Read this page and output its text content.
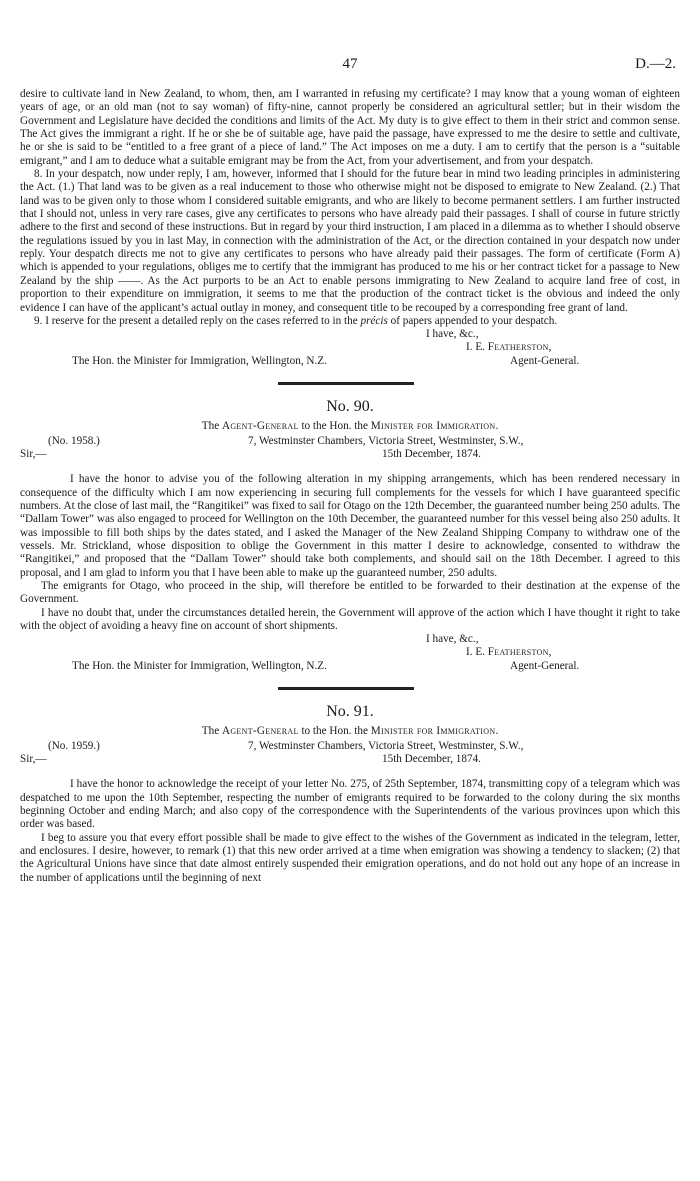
47	D.—2.

desire to cultivate land in New Zealand, to whom, then, am I warranted in refusing my certificate? I may know that a young woman of eighteen years of age, or an old man (not to say woman) of fifty-nine, cannot properly be considered an agricultural settler; but in their wisdom the Government and Legislature have decided the conditions and limits of the Act. My duty is to give effect to them in their strict and common sense. The Act gives the immigrant a right. If he or she be of suitable age, have paid the passage, have expressed to me the desire to settle and cultivate, he or she is said to be “entitled to a free grant of a piece of land.” The Act imposes on me a duty. I am to certify that the person is a “suitable emigrant,” and I am to deduce what a suitable emigrant may be from the Act, from your advertisement, and from your despatch.

8. In your despatch, now under reply, I am, however, informed that I should for the future bear in mind two leading principles in administering the Act. (1.) That land was to be given as a real inducement to those who otherwise might not be disposed to emigrate to New Zealand. (2.) That land was to be given only to those whom I considered suitable emigrants, and who are likely to become permanent settlers. I am further instructed that I should not, unless in very rare cases, give any certificates to persons who have already paid their passages. I shall of course in future strictly adhere to the first and second of these instructions. But in regard by your third instruction, I am placed in a dilemma as to whether I should observe the regulations issued by you in last May, in connection with the administration of the Act, or the direction contained in your despatch now under reply. Your despatch directs me not to give any certificates to persons who have already paid their passages. The form of certificate (Form A) which is appended to your regulations, obliges me to certify that the immigrant has produced to me his or her contract ticket for a passage to New Zealand by the ship ——. As the Act purports to be an Act to enable persons immigrating to New Zealand to acquire land free of cost, in proportion to their expenditure on immigration, it seems to me that the production of the contract ticket is the obvious and indeed the only evidence I can have of the applicant’s actual outlay in money, and consequent title to be recouped by a corresponding free grant of land.

9. I reserve for the present a detailed reply on the cases referred to in the précis of papers appended to your despatch.

I have, &c.,
I. E. Featherston,
The Hon. the Minister for Immigration, Wellington, N.Z.	Agent-General.
No. 90.
The Agent-General to the Hon. the Minister for Immigration.
(No. 1958.)	7, Westminster Chambers, Victoria Street, Westminster, S.W.,
Sir,—	15th December, 1874.

I have the honor to advise you of the following alteration in my shipping arrangements, which has been rendered necessary in consequence of the difficulty which I am now experiencing in securing full complements for the vessels for which I have guaranteed specific numbers. At the close of last mail, the “Rangitikei” was fixed to sail for Otago on the 12th December, the guaranteed number being 250 adults. The “Dallam Tower” was also engaged to proceed for Wellington on the 10th December, the guaranteed number for this vessel being also 250 adults. It was impossible to fill both ships by the dates stated, and I asked the Manager of the New Zealand Shipping Company to withdraw one of the vessels. Mr. Strickland, whose disposition to oblige the Government in this matter I desire to acknowledge, consented to withdraw the “Rangitikei,” and proposed that the “Dallam Tower” should take both complements, and should sail on the 18th December. I agreed to this proposal, and I am glad to inform you that I have been able to make up the guaranteed number, 250 adults.

The emigrants for Otago, who proceed in the ship, will therefore be entitled to be forwarded to their destination at the expense of the Government.

I have no doubt that, under the circumstances detailed herein, the Government will approve of the action which I have thought it right to take with the object of avoiding a heavy fine on account of short shipments.

I have, &c.,
I. E. Featherston,
The Hon. the Minister for Immigration, Wellington, N.Z.	Agent-General.
No. 91.
The Agent-General to the Hon. the Minister for Immigration.
(No. 1959.)	7, Westminster Chambers, Victoria Street, Westminster, S.W.,
Sir,—	15th December, 1874.

I have the honor to acknowledge the receipt of your letter No. 275, of 25th September, 1874, transmitting copy of a telegram which was despatched to me upon the 10th September, respecting the number of emigrants required to be forwarded to the colony during the six months beginning October and ending March; and also copy of the correspondence with the Superintendents of the various provinces upon which this order was based.

I beg to assure you that every effort possible shall be made to give effect to the wishes of the Government as indicated in the telegram, letter, and enclosures. I desire, however, to remark (1) that this new order arrived at a time when emigration was showing a tendency to slacken; (2) that the Agricultural Unions have since that date almost entirely suspended their emigration operations, and do not hold out any hope of an increase in the number of applications until the beginning of next
